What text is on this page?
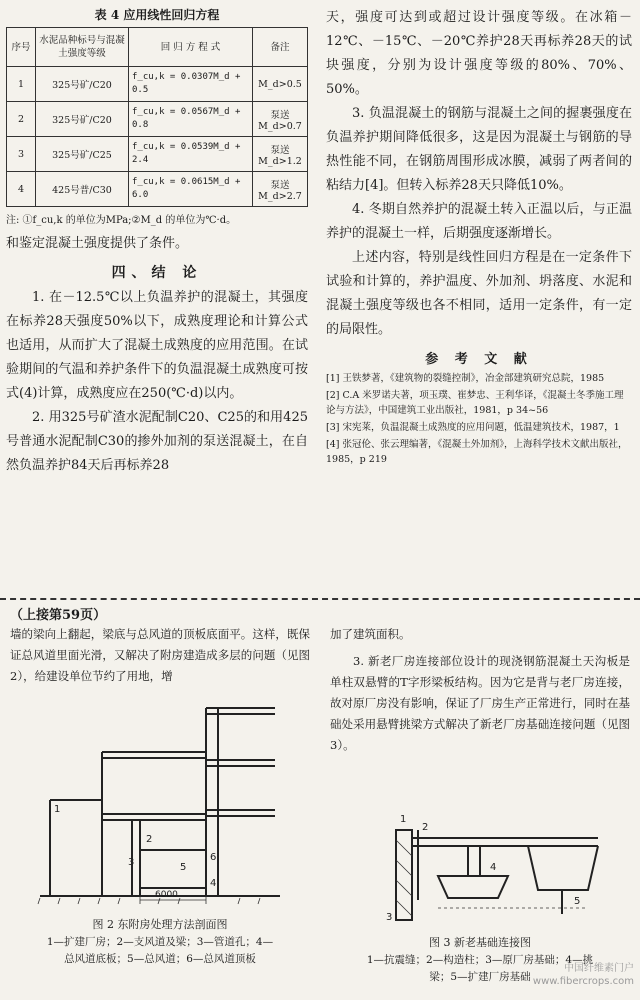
表 4 应用线性回归方程
序号	水泥品种标号与混凝土强度等级	回 归 方 程 式	备注
1	325号矿/C20	f_cu,k = 0.0307M_d + 0.5	M_d>0.5
2	325号矿/C20	f_cu,k = 0.0567M_d + 0.8	泵送 M_d>0.7
3	325号矿/C25	f_cu,k = 0.0539M_d + 2.4	泵送 M_d>1.2
4	425号普/C30	f_cu,k = 0.0615M_d + 6.0	泵送 M_d>2.7
注: ①f_cu,k 的单位为MPa;②M_d 的单位为℃·d。

和鉴定混凝土强度提供了条件。

四、结 论

1. 在－12.5℃以上负温养护的混凝土，其强度在标养28天强度50%以下，成熟度理论和计算公式也适用，从而扩大了混凝土成熟度的应用范围。在试验期间的气温和养护条件下的负温混凝土成熟度可按式(4)计算，成熟度应在250(℃·d)以内。

2. 用325号矿渣水泥配制C20、C25的和用425号普通水泥配制C30的掺外加剂的泵送混凝土，在自然负温养护84天后再标养28

天，强度可达到或超过设计强度等级。在冰箱－12℃、－15℃、－20℃养护28天再标养28天的试块强度，分别为设计强度等级的80%、70%、50%。

3. 负温混凝土的钢筋与混凝土之间的握裹强度在负温养护期间降低很多，这是因为混凝土与钢筋的导热性能不同，在钢筋周围形成冰膜，减弱了两者间的粘结力[4]。但转入标养28天只降低10%。

4. 冬期自然养护的混凝土转入正温以后，与正温养护的混凝土一样，后期强度逐渐增长。

上述内容，特别是线性回归方程是在一定条件下试验和计算的，养护温度、外加剂、坍落度、水泥和混凝土强度等级也各不相同，适用一定条件，有一定的局限性。

参 考 文 献

[1] 王铁梦著，《建筑物的裂缝控制》，冶金部建筑研究总院，1985

[2] C.A 米罗诺夫著，项玉璞、崔梦忠、王利华译，《混凝土冬季施工理论与方法》，中国建筑工业出版社，1981，p 34~56

[3] 宋宪莱，负温混凝土成熟度的应用问题，低温建筑技术，1987，1

[4] 张冠伦、张云理编著，《混凝土外加剂》，上海科学技术文献出版社，1985，p 219

（上接第59页）

墙的梁向上翻起，梁底与总风道的顶板底面平。这样，既保证总风道里面光滑，又解决了附房建造成多层的问题（见图2），给建设单位节约了用地，增

加了建筑面积。

3. 新老厂房连接部位设计的现浇钢筋混凝土天沟板是单柱双悬臂的T字形梁板结构。因为它是背与老厂房连接，故对原厂房没有影响，保证了厂房生产正常进行，同时在基础处采用悬臂挑梁方式解决了新老厂房基础连接问题（见图3）。

1
2
3	5
6
4
6000
1
2
3
4
5

图 2 东附房处理方法剖面图

1—扩建厂房；2—支风道及梁；3—管道孔；4—

总风道底板；5—总风道；6—总风道顶板

图 3 新老基础连接图

1—抗震缝；2—构造柱；3—原厂房基础；4—挑

梁；5—扩建厂房基础

中国纤维素门户
www.fibercrops.com
